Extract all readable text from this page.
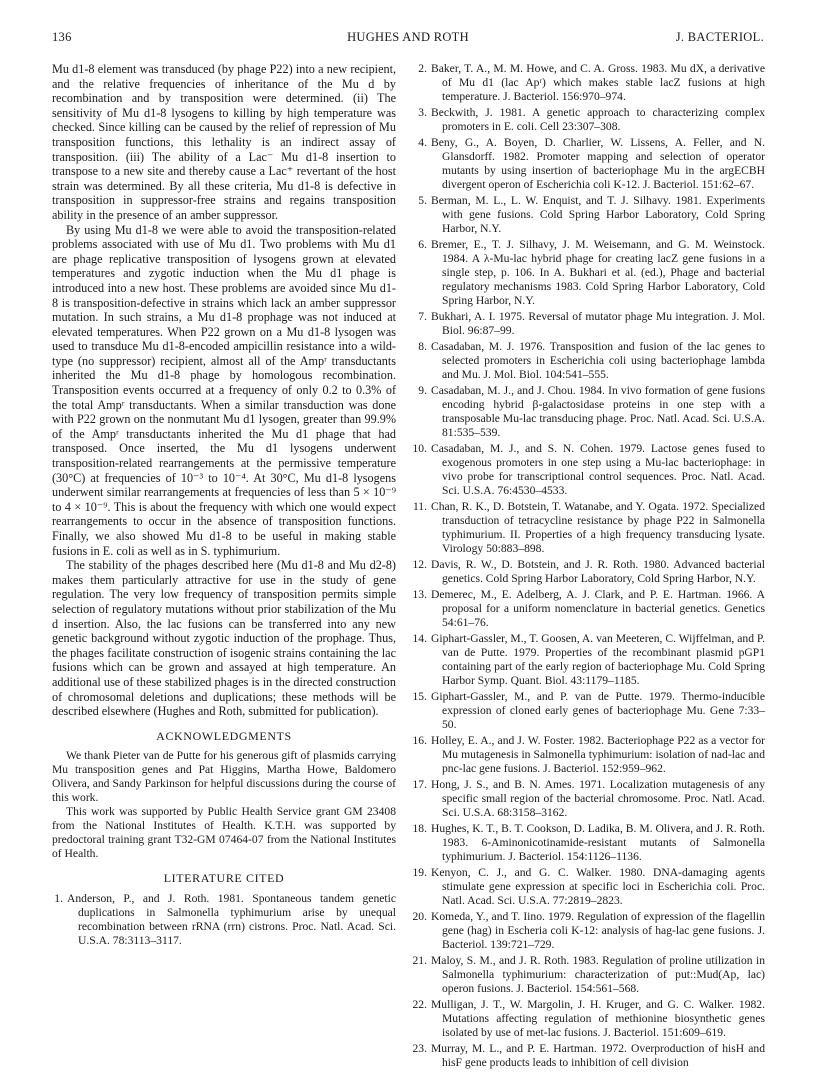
136	HUGHES AND ROTH	J. BACTERIOL.

Mu d1-8 element was transduced (by phage P22) into a new recipient, and the relative frequencies of inheritance of the Mu d by recombination and by transposition were determined. (ii) The sensitivity of Mu d1-8 lysogens to killing by high temperature was checked. Since killing can be caused by the relief of repression of Mu transposition functions, this lethality is an indirect assay of transposition. (iii) The ability of a Lac⁻ Mu d1-8 insertion to transpose to a new site and thereby cause a Lac⁺ revertant of the host strain was determined. By all these criteria, Mu d1-8 is defective in transposition in suppressor-free strains and regains transposition ability in the presence of an amber suppressor.

By using Mu d1-8 we were able to avoid the transposition-related problems associated with use of Mu d1. Two problems with Mu d1 are phage replicative transposition of lysogens grown at elevated temperatures and zygotic induction when the Mu d1 phage is introduced into a new host. These problems are avoided since Mu d1-8 is transposition-defective in strains which lack an amber suppressor mutation. In such strains, a Mu d1-8 prophage was not induced at elevated temperatures. When P22 grown on a Mu d1-8 lysogen was used to transduce Mu d1-8-encoded ampicillin resistance into a wild-type (no suppressor) recipient, almost all of the Ampʳ transductants inherited the Mu d1-8 phage by homologous recombination. Transposition events occurred at a frequency of only 0.2 to 0.3% of the total Ampʳ transductants. When a similar transduction was done with P22 grown on the nonmutant Mu d1 lysogen, greater than 99.9% of the Ampʳ transductants inherited the Mu d1 phage that had transposed. Once inserted, the Mu d1 lysogens underwent transposition-related rearrangements at the permissive temperature (30°C) at frequencies of 10⁻³ to 10⁻⁴. At 30°C, Mu d1-8 lysogens underwent similar rearrangements at frequencies of less than 5 × 10⁻⁹ to 4 × 10⁻⁹. This is about the frequency with which one would expect rearrangements to occur in the absence of transposition functions. Finally, we also showed Mu d1-8 to be useful in making stable fusions in E. coli as well as in S. typhimurium.

The stability of the phages described here (Mu d1-8 and Mu d2-8) makes them particularly attractive for use in the study of gene regulation. The very low frequency of transposition permits simple selection of regulatory mutations without prior stabilization of the Mu d insertion. Also, the lac fusions can be transferred into any new genetic background without zygotic induction of the prophage. Thus, the phages facilitate construction of isogenic strains containing the lac fusions which can be grown and assayed at high temperature. An additional use of these stabilized phages is in the directed construction of chromosomal deletions and duplications; these methods will be described elsewhere (Hughes and Roth, submitted for publication).

ACKNOWLEDGMENTS

We thank Pieter van de Putte for his generous gift of plasmids carrying Mu transposition genes and Pat Higgins, Martha Howe, Baldomero Olivera, and Sandy Parkinson for helpful discussions during the course of this work.

This work was supported by Public Health Service grant GM 23408 from the National Institutes of Health. K.T.H. was supported by predoctoral training grant T32-GM 07464-07 from the National Institutes of Health.

LITERATURE CITED
1. Anderson, P., and J. Roth. 1981. Spontaneous tandem genetic duplications in Salmonella typhimurium arise by unequal recombination between rRNA (rrn) cistrons. Proc. Natl. Acad. Sci. U.S.A. 78:3113–3117.
2. Baker, T. A., M. M. Howe, and C. A. Gross. 1983. Mu dX, a derivative of Mu d1 (lac Apʳ) which makes stable lacZ fusions at high temperature. J. Bacteriol. 156:970–974.
3. Beckwith, J. 1981. A genetic approach to characterizing complex promoters in E. coli. Cell 23:307–308.
4. Beny, G., A. Boyen, D. Charlier, W. Lissens, A. Feller, and N. Glansdorff. 1982. Promoter mapping and selection of operator mutants by using insertion of bacteriophage Mu in the argECBH divergent operon of Escherichia coli K-12. J. Bacteriol. 151:62–67.
5. Berman, M. L., L. W. Enquist, and T. J. Silhavy. 1981. Experiments with gene fusions. Cold Spring Harbor Laboratory, Cold Spring Harbor, N.Y.
6. Bremer, E., T. J. Silhavy, J. M. Weisemann, and G. M. Weinstock. 1984. A λ-Mu-lac hybrid phage for creating lacZ gene fusions in a single step, p. 106. In A. Bukhari et al. (ed.), Phage and bacterial regulatory mechanisms 1983. Cold Spring Harbor Laboratory, Cold Spring Harbor, N.Y.
7. Bukhari, A. I. 1975. Reversal of mutator phage Mu integration. J. Mol. Biol. 96:87–99.
8. Casadaban, M. J. 1976. Transposition and fusion of the lac genes to selected promoters in Escherichia coli using bacteriophage lambda and Mu. J. Mol. Biol. 104:541–555.
9. Casadaban, M. J., and J. Chou. 1984. In vivo formation of gene fusions encoding hybrid β-galactosidase proteins in one step with a transposable Mu-lac transducing phage. Proc. Natl. Acad. Sci. U.S.A. 81:535–539.
10. Casadaban, M. J., and S. N. Cohen. 1979. Lactose genes fused to exogenous promoters in one step using a Mu-lac bacteriophage: in vivo probe for transcriptional control sequences. Proc. Natl. Acad. Sci. U.S.A. 76:4530–4533.
11. Chan, R. K., D. Botstein, T. Watanabe, and Y. Ogata. 1972. Specialized transduction of tetracycline resistance by phage P22 in Salmonella typhimurium. II. Properties of a high frequency transducing lysate. Virology 50:883–898.
12. Davis, R. W., D. Botstein, and J. R. Roth. 1980. Advanced bacterial genetics. Cold Spring Harbor Laboratory, Cold Spring Harbor, N.Y.
13. Demerec, M., E. Adelberg, A. J. Clark, and P. E. Hartman. 1966. A proposal for a uniform nomenclature in bacterial genetics. Genetics 54:61–76.
14. Giphart-Gassler, M., T. Goosen, A. van Meeteren, C. Wijffelman, and P. van de Putte. 1979. Properties of the recombinant plasmid pGP1 containing part of the early region of bacteriophage Mu. Cold Spring Harbor Symp. Quant. Biol. 43:1179–1185.
15. Giphart-Gassler, M., and P. van de Putte. 1979. Thermo-inducible expression of cloned early genes of bacteriophage Mu. Gene 7:33–50.
16. Holley, E. A., and J. W. Foster. 1982. Bacteriophage P22 as a vector for Mu mutagenesis in Salmonella typhimurium: isolation of nad-lac and pnc-lac gene fusions. J. Bacteriol. 152:959–962.
17. Hong, J. S., and B. N. Ames. 1971. Localization mutagenesis of any specific small region of the bacterial chromosome. Proc. Natl. Acad. Sci. U.S.A. 68:3158–3162.
18. Hughes, K. T., B. T. Cookson, D. Ladika, B. M. Olivera, and J. R. Roth. 1983. 6-Aminonicotinamide-resistant mutants of Salmonella typhimurium. J. Bacteriol. 154:1126–1136.
19. Kenyon, C. J., and G. C. Walker. 1980. DNA-damaging agents stimulate gene expression at specific loci in Escherichia coli. Proc. Natl. Acad. Sci. U.S.A. 77:2819–2823.
20. Komeda, Y., and T. Iino. 1979. Regulation of expression of the flagellin gene (hag) in Escheria coli K-12: analysis of hag-lac gene fusions. J. Bacteriol. 139:721–729.
21. Maloy, S. M., and J. R. Roth. 1983. Regulation of proline utilization in Salmonella typhimurium: characterization of put::Mud(Ap, lac) operon fusions. J. Bacteriol. 154:561–568.
22. Mulligan, J. T., W. Margolin, J. H. Kruger, and G. C. Walker. 1982. Mutations affecting regulation of methionine biosynthetic genes isolated by use of met-lac fusions. J. Bacteriol. 151:609–619.
23. Murray, M. L., and P. E. Hartman. 1972. Overproduction of hisH and hisF gene products leads to inhibition of cell division
